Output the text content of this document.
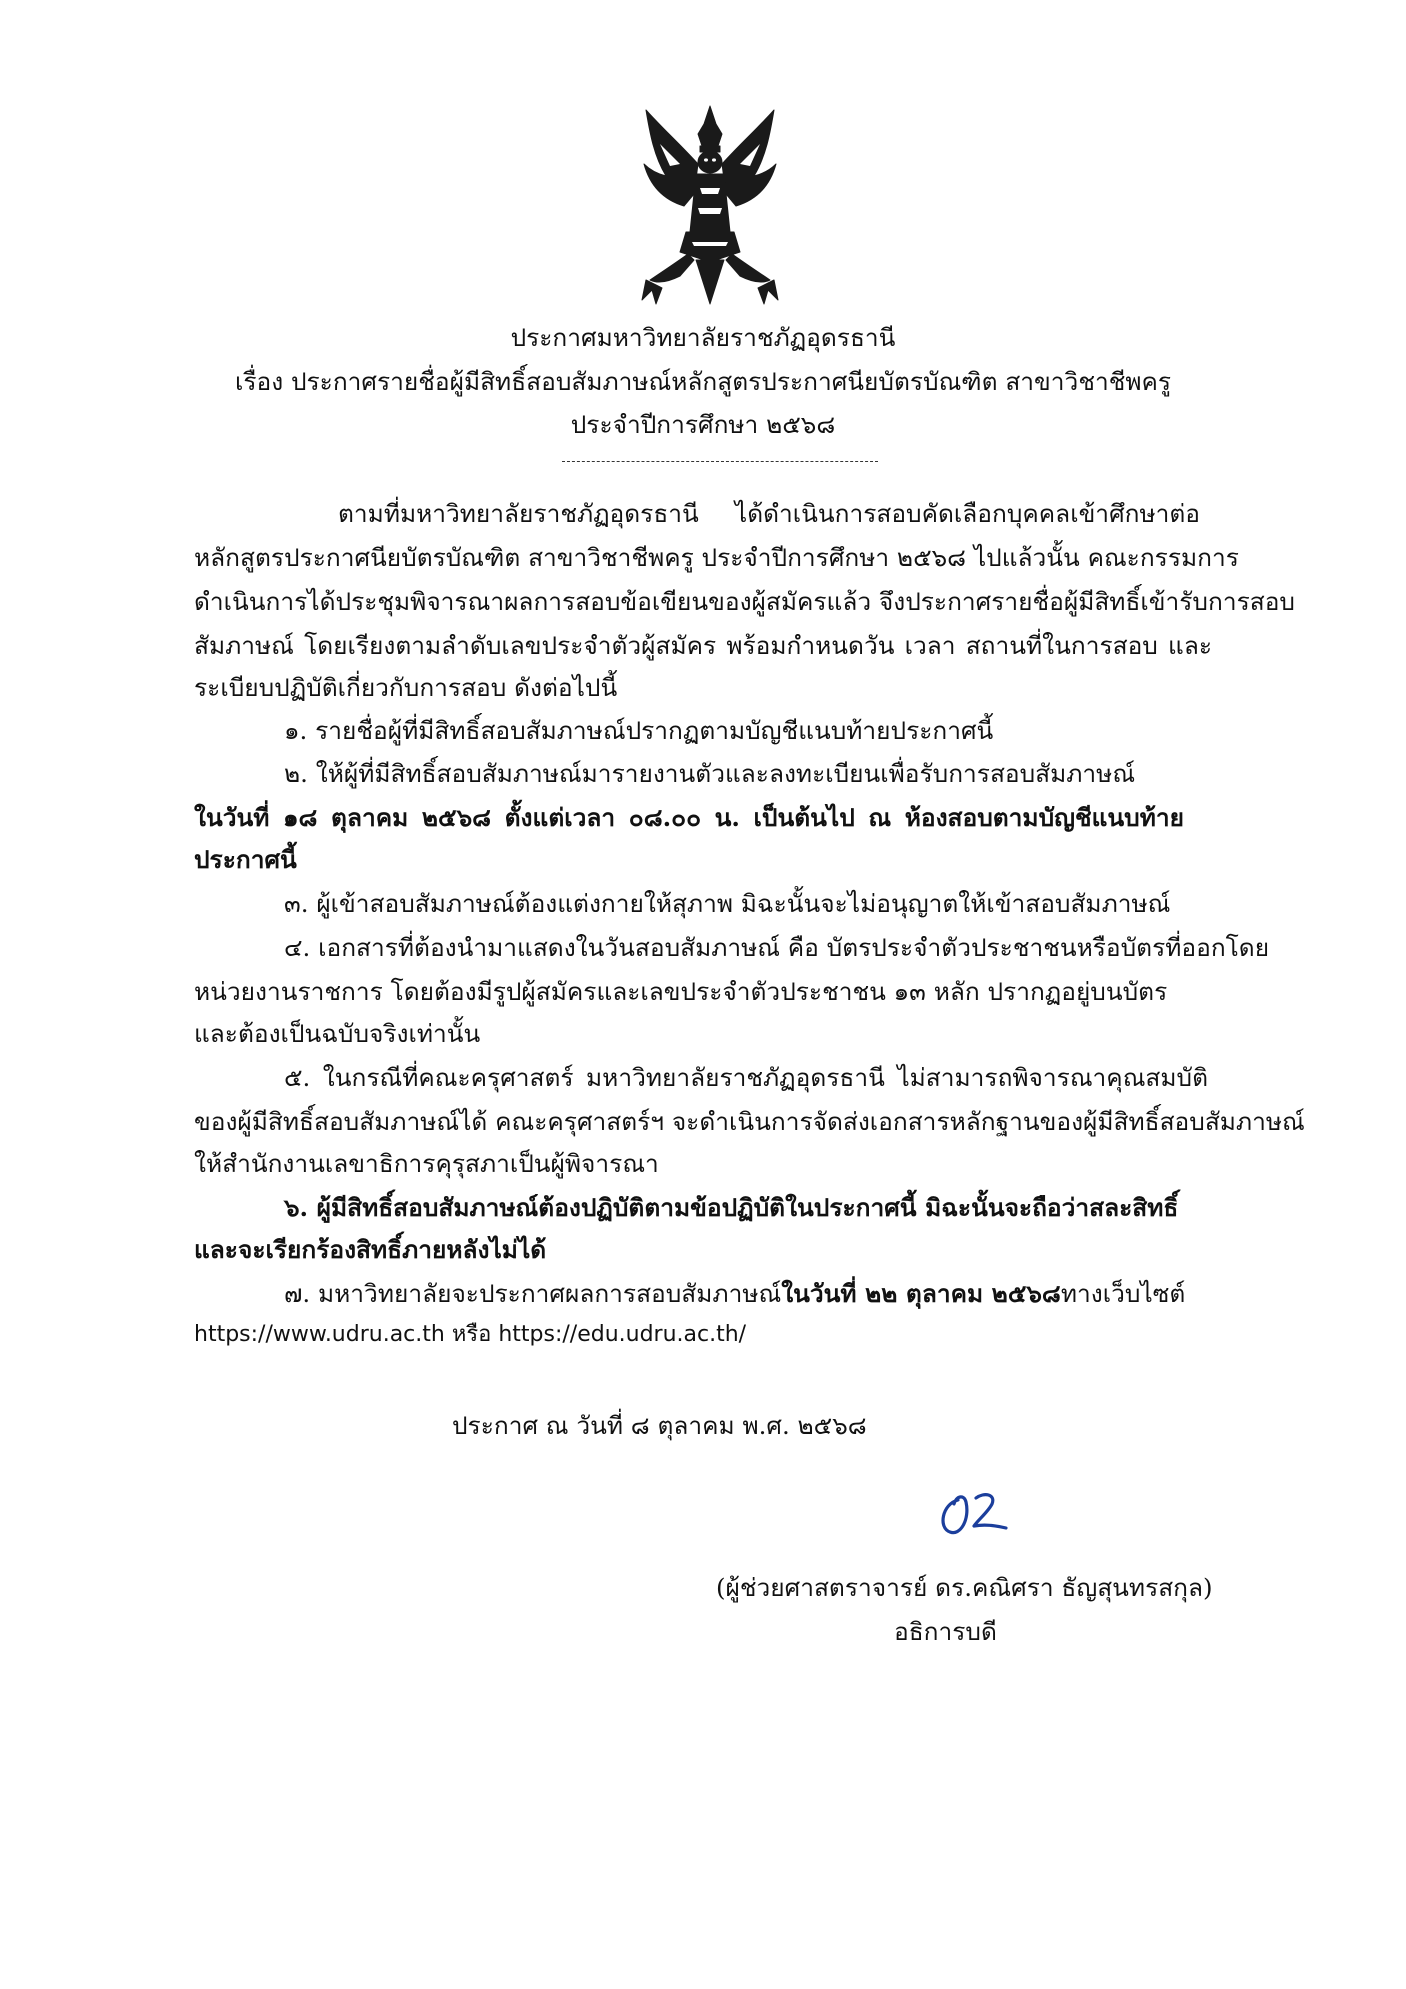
ประกาศมหาวิทยาลัยราชภัฏอุดรธานี
เรื่อง ประกาศรายชื่อผู้มีสิทธิ์สอบสัมภาษณ์หลักสูตรประกาศนียบัตรบัณฑิต สาขาวิชาชีพครู
ประจำปีการศึกษา ๒๕๖๘
ตามที่มหาวิทยาลัยราชภัฏอุดรธานี ได้ดำเนินการสอบคัดเลือกบุคคลเข้าศึกษาต่อ
หลักสูตรประกาศนียบัตรบัณฑิต สาขาวิชาชีพครู ประจำปีการศึกษา ๒๕๖๘ ไปแล้วนั้น คณะกรรมการ
ดำเนินการได้ประชุมพิจารณาผลการสอบข้อเขียนของผู้สมัครแล้ว จึงประกาศรายชื่อผู้มีสิทธิ์เข้ารับการสอบ
สัมภาษณ์ โดยเรียงตามลำดับเลขประจำตัวผู้สมัคร พร้อมกำหนดวัน เวลา สถานที่ในการสอบ และ
ระเบียบปฏิบัติเกี่ยวกับการสอบ ดังต่อไปนี้
๑. รายชื่อผู้ที่มีสิทธิ์สอบสัมภาษณ์ปรากฏตามบัญชีแนบท้ายประกาศนี้
๒. ให้ผู้ที่มีสิทธิ์สอบสัมภาษณ์มารายงานตัวและลงทะเบียนเพื่อรับการสอบสัมภาษณ์
ในวันที่ ๑๘ ตุลาคม ๒๕๖๘ ตั้งแต่เวลา ๐๘.๐๐ น. เป็นต้นไป ณ ห้องสอบตามบัญชีแนบท้าย
ประกาศนี้
๓. ผู้เข้าสอบสัมภาษณ์ต้องแต่งกายให้สุภาพ มิฉะนั้นจะไม่อนุญาตให้เข้าสอบสัมภาษณ์
๔. เอกสารที่ต้องนำมาแสดงในวันสอบสัมภาษณ์ คือ บัตรประจำตัวประชาชนหรือบัตรที่ออกโดย
หน่วยงานราชการ โดยต้องมีรูปผู้สมัครและเลขประจำตัวประชาชน ๑๓ หลัก ปรากฏอยู่บนบัตร
และต้องเป็นฉบับจริงเท่านั้น
๕. ในกรณีที่คณะครุศาสตร์ มหาวิทยาลัยราชภัฏอุดรธานี ไม่สามารถพิจารณาคุณสมบัติ
ของผู้มีสิทธิ์สอบสัมภาษณ์ได้ คณะครุศาสตร์ฯ จะดำเนินการจัดส่งเอกสารหลักฐานของผู้มีสิทธิ์สอบสัมภาษณ์
ให้สำนักงานเลขาธิการคุรุสภาเป็นผู้พิจารณา
๖. ผู้มีสิทธิ์สอบสัมภาษณ์ต้องปฏิบัติตามข้อปฏิบัติในประกาศนี้ มิฉะนั้นจะถือว่าสละสิทธิ์
และจะเรียกร้องสิทธิ์ภายหลังไม่ได้
๗. มหาวิทยาลัยจะประกาศผลการสอบสัมภาษณ์ ในวันที่ ๒๒ ตุลาคม ๒๕๖๘ ทางเว็บไซต์
https://www.udru.ac.th หรือ https://edu.udru.ac.th/
ประกาศ ณ วันที่ ๘ ตุลาคม พ.ศ. ๒๕๖๘
(ผู้ช่วยศาสตราจารย์ ดร.คณิศรา ธัญสุนทรสกุล)
อธิการบดี
